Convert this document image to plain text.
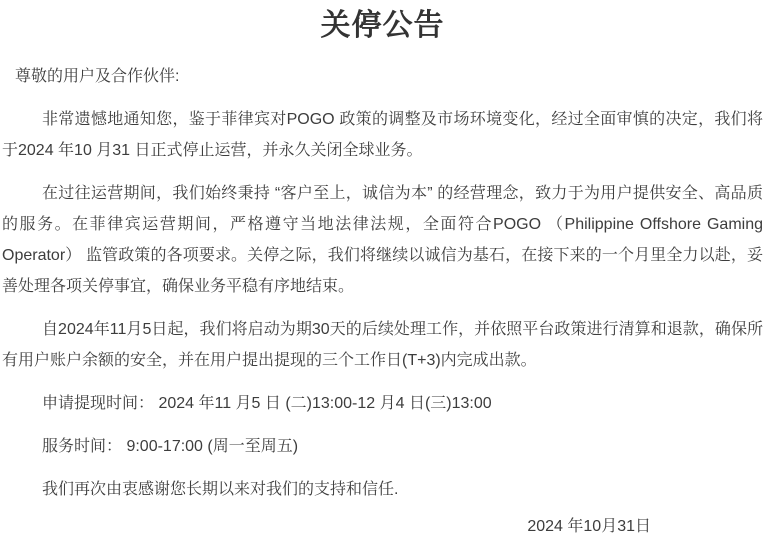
关停公告

尊敬的用户及合作伙伴:

非常遗憾地通知您，鉴于菲律宾对POGO 政策的调整及市场环境变化，经过全面审慎的决定，我们将于2024 年10 月31 日正式停止运营，并永久关闭全球业务。

在过往运营期间，我们始终秉持 “客户至上，诚信为本” 的经营理念，致力于为用户提供安全、高品质的服务。在菲律宾运营期间，严格遵守当地法律法规，全面符合POGO （Philippine Offshore Gaming Operator） 监管政策的各项要求。关停之际，我们将继续以诚信为基石，在接下来的一个月里全力以赴，妥善处理各项关停事宜，确保业务平稳有序地结束。

自2024年11月5日起，我们将启动为期30天的后续处理工作，并依照平台政策进行清算和退款，确保所有用户账户余额的安全，并在用户提出提现的三个工作日(T+3)内完成出款。

申请提现时间： 2024 年11 月5 日 (二)13:00-12 月4 日(三)13:00

服务时间： 9:00-17:00 (周一至周五)

我们再次由衷感谢您长期以来对我们的支持和信任.

2024 年10月31日
